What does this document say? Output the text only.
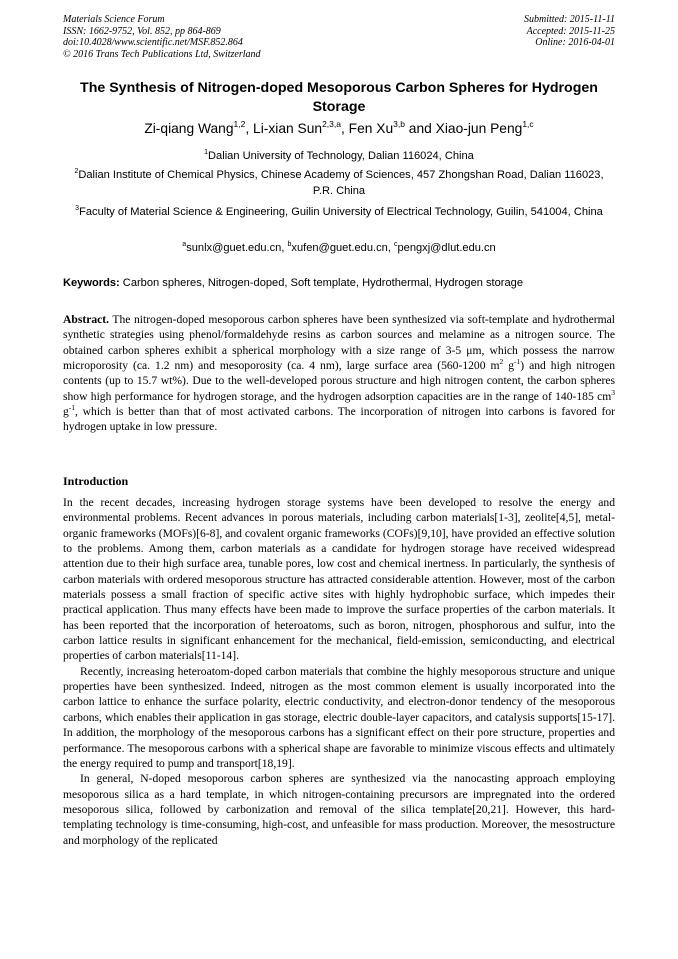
Materials Science Forum
ISSN: 1662-9752, Vol. 852, pp 864-869
doi:10.4028/www.scientific.net/MSF.852.864
© 2016 Trans Tech Publications Ltd, Switzerland
Submitted: 2015-11-11
Accepted: 2015-11-25
Online: 2016-04-01
The Synthesis of Nitrogen-doped Mesoporous Carbon Spheres for Hydrogen Storage
Zi-qiang Wang$^{1,2}$, Li-xian Sun$^{2,3,a}$, Fen Xu$^{3,b}$ and Xiao-jun Peng$^{1,c}$
$^1$Dalian University of Technology, Dalian 116024, China
$^2$Dalian Institute of Chemical Physics, Chinese Academy of Sciences, 457 Zhongshan Road, Dalian 116023, P.R. China
$^3$Faculty of Material Science & Engineering, Guilin University of Electrical Technology, Guilin, 541004, China
$^a$sunlx@guet.edu.cn, $^b$xufen@guet.edu.cn, $^c$pengxj@dlut.edu.cn
Keywords: Carbon spheres, Nitrogen-doped, Soft template, Hydrothermal, Hydrogen storage
Abstract. The nitrogen-doped mesoporous carbon spheres have been synthesized via soft-template and hydrothermal synthetic strategies using phenol/formaldehyde resins as carbon sources and melamine as a nitrogen source. The obtained carbon spheres exhibit a spherical morphology with a size range of 3-5 μm, which possess the narrow microporosity (ca. 1.2 nm) and mesoporosity (ca. 4 nm), large surface area (560-1200 $m^2$ $g^{-1}$) and high nitrogen contents (up to 15.7 wt%). Due to the well-developed porous structure and high nitrogen content, the carbon spheres show high performance for hydrogen storage, and the hydrogen adsorption capacities are in the range of 140-185 $cm^3$ $g^{-1}$, which is better than that of most activated carbons. The incorporation of nitrogen into carbons is favored for hydrogen uptake in low pressure.
Introduction

In the recent decades, increasing hydrogen storage systems have been developed to resolve the energy and environmental problems. Recent advances in porous materials, including carbon materials[1-3], zeolite[4,5], metal-organic frameworks (MOFs)[6-8], and covalent organic frameworks (COFs)[9,10], have provided an effective solution to the problems. Among them, carbon materials as a candidate for hydrogen storage have received widespread attention due to their high surface area, tunable pores, low cost and chemical inertness. In particularly, the synthesis of carbon materials with ordered mesoporous structure has attracted considerable attention. However, most of the carbon materials possess a small fraction of specific active sites with highly hydrophobic surface, which impedes their practical application. Thus many effects have been made to improve the surface properties of the carbon materials. It has been reported that the incorporation of heteroatoms, such as boron, nitrogen, phosphorous and sulfur, into the carbon lattice results in significant enhancement for the mechanical, field-emission, semiconducting, and electrical properties of carbon materials[11-14].

Recently, increasing heteroatom-doped carbon materials that combine the highly mesoporous structure and unique properties have been synthesized. Indeed, nitrogen as the most common element is usually incorporated into the carbon lattice to enhance the surface polarity, electric conductivity, and electron-donor tendency of the mesoporous carbons, which enables their application in gas storage, electric double-layer capacitors, and catalysis supports[15-17]. In addition, the morphology of the mesoporous carbons has a significant effect on their pore structure, properties and performance. The mesoporous carbons with a spherical shape are favorable to minimize viscous effects and ultimately the energy required to pump and transport[18,19].

In general, N-doped mesoporous carbon spheres are synthesized via the nanocasting approach employing mesoporous silica as a hard template, in which nitrogen-containing precursors are impregnated into the ordered mesoporous silica, followed by carbonization and removal of the silica template[20,21]. However, this hard-templating technology is time-consuming, high-cost, and unfeasible for mass production. Moreover, the mesostructure and morphology of the replicated
